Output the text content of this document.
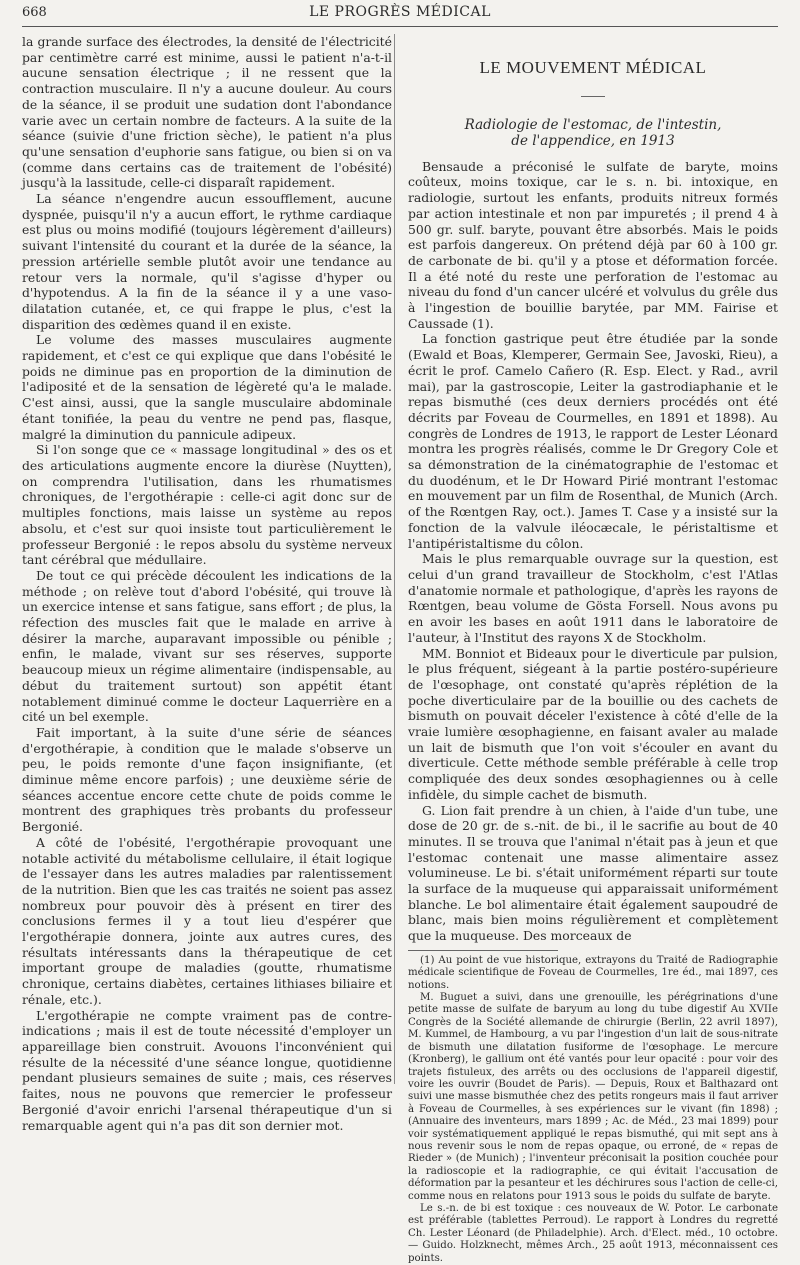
668	LE PROGRÈS MÉDICAL

la grande surface des électrodes, la densité de l'électricité par centimètre carré est minime, aussi le patient n'a-t-il aucune sensation électrique ; il ne ressent que la contraction musculaire. Il n'y a aucune douleur. Au cours de la séance, il se produit une sudation dont l'abondance varie avec un certain nombre de facteurs. A la suite de la séance (suivie d'une friction sèche), le patient n'a plus qu'une sensation d'euphorie sans fatigue, ou bien si on va (comme dans certains cas de traitement de l'obésité) jusqu'à la lassitude, celle-ci disparaît rapidement.

La séance n'engendre aucun essoufflement, aucune dyspnée, puisqu'il n'y a aucun effort, le rythme cardiaque est plus ou moins modifié (toujours légèrement d'ailleurs) suivant l'intensité du courant et la durée de la séance, la pression artérielle semble plutôt avoir une tendance au retour vers la normale, qu'il s'agisse d'hyper ou d'hypotendus. A la fin de la séance il y a une vaso-dilatation cutanée, et, ce qui frappe le plus, c'est la disparition des œdèmes quand il en existe.

Le volume des masses musculaires augmente rapidement, et c'est ce qui explique que dans l'obésité le poids ne diminue pas en proportion de la diminution de l'adiposité et de la sensation de légèreté qu'a le malade. C'est ainsi, aussi, que la sangle musculaire abdominale étant tonifiée, la peau du ventre ne pend pas, flasque, malgré la diminution du pannicule adipeux.

Si l'on songe que ce « massage longitudinal » des os et des articulations augmente encore la diurèse (Nuytten), on comprendra l'utilisation, dans les rhumatismes chroniques, de l'ergothérapie : celle-ci agit donc sur de multiples fonctions, mais laisse un système au repos absolu, et c'est sur quoi insiste tout particulièrement le professeur Bergonié : le repos absolu du système nerveux tant cérébral que médullaire.

De tout ce qui précède découlent les indications de la méthode ; on relève tout d'abord l'obésité, qui trouve là un exercice intense et sans fatigue, sans effort ; de plus, la réfection des muscles fait que le malade en arrive à désirer la marche, auparavant impossible ou pénible ; enfin, le malade, vivant sur ses réserves, supporte beaucoup mieux un régime alimentaire (indispensable, au début du traitement surtout) son appétit étant notablement diminué comme le docteur Laquerrière en a cité un bel exemple.

Fait important, à la suite d'une série de séances d'ergothérapie, à condition que le malade s'observe un peu, le poids remonte d'une façon insignifiante, (et diminue même encore parfois) ; une deuxième série de séances accentue encore cette chute de poids comme le montrent des graphiques très probants du professeur Bergonié.

A côté de l'obésité, l'ergothérapie provoquant une notable activité du métabolisme cellulaire, il était logique de l'essayer dans les autres maladies par ralentissement de la nutrition. Bien que les cas traités ne soient pas assez nombreux pour pouvoir dès à présent en tirer des conclusions fermes il y a tout lieu d'espérer que l'ergothérapie donnera, jointe aux autres cures, des résultats intéressants dans la thérapeutique de cet important groupe de maladies (goutte, rhumatisme chronique, certains diabètes, certaines lithiases biliaire et rénale, etc.).

L'ergothérapie ne compte vraiment pas de contre-indications ; mais il est de toute nécessité d'employer un appareillage bien construit. Avouons l'inconvénient qui résulte de la nécessité d'une séance longue, quotidienne pendant plusieurs semaines de suite ; mais, ces réserves faites, nous ne pouvons que remercier le professeur Bergonié d'avoir enrichi l'arsenal thérapeutique d'un si remarquable agent qui n'a pas dit son dernier mot.

LE MOUVEMENT MÉDICAL
Radiologie de l'estomac, de l'intestin,
de l'appendice, en 1913

Bensaude a préconisé le sulfate de baryte, moins coûteux, moins toxique, car le s. n. bi. intoxique, en radiologie, surtout les enfants, produits nitreux formés par action intestinale et non par impuretés ; il prend 4 à 500 gr. sulf. baryte, pouvant être absorbés. Mais le poids est parfois dangereux. On prétend déjà par 60 à 100 gr. de carbonate de bi. qu'il y a ptose et déformation forcée. Il a été noté du reste une perforation de l'estomac au niveau du fond d'un cancer ulcéré et volvulus du grêle dus à l'ingestion de bouillie barytée, par MM. Fairise et Caussade (1).

La fonction gastrique peut être étudiée par la sonde (Ewald et Boas, Klemperer, Germain See, Javoski, Rieu), a écrit le prof. Camelo Cañero (R. Esp. Elect. y Rad., avril mai), par la gastroscopie, Leiter la gastrodiaphanie et le repas bismuthé (ces deux derniers procédés ont été décrits par Foveau de Courmelles, en 1891 et 1898). Au congrès de Londres de 1913, le rapport de Lester Léonard montra les progrès réalisés, comme le Dr Gregory Cole et sa démonstration de la cinématographie de l'estomac et du duodénum, et le Dr Howard Pirié montrant l'estomac en mouvement par un film de Rosenthal, de Munich (Arch. of the Rœntgen Ray, oct.). James T. Case y a insisté sur la fonction de la valvule iléocæcale, le péristaltisme et l'antipéristaltisme du côlon.

Mais le plus remarquable ouvrage sur la question, est celui d'un grand travailleur de Stockholm, c'est l'Atlas d'anatomie normale et pathologique, d'après les rayons de Rœntgen, beau volume de Gösta Forsell. Nous avons pu en avoir les bases en août 1911 dans le laboratoire de l'auteur, à l'Institut des rayons X de Stockholm.

MM. Bonniot et Bideaux pour le diverticule par pulsion, le plus fréquent, siégeant à la partie postéro-supérieure de l'œsophage, ont constaté qu'après réplétion de la poche diverticulaire par de la bouillie ou des cachets de bismuth on pouvait déceler l'existence à côté d'elle de la vraie lumière œsophagienne, en faisant avaler au malade un lait de bismuth que l'on voit s'écouler en avant du diverticule. Cette méthode semble préférable à celle trop compliquée des deux sondes œsophagiennes ou à celle infidèle, du simple cachet de bismuth.

G. Lion fait prendre à un chien, à l'aide d'un tube, une dose de 20 gr. de s.-nit. de bi., il le sacrifie au bout de 40 minutes. Il se trouva que l'animal n'était pas à jeun et que l'estomac contenait une masse alimentaire assez volumineuse. Le bi. s'était uniformément réparti sur toute la surface de la muqueuse qui apparaissait uniformément blanche. Le bol alimentaire était également saupoudré de blanc, mais bien moins régulièrement et complètement que la muqueuse. Des morceaux de

(1) Au point de vue historique, extrayons du Traité de Radiographie médicale scientifique de Foveau de Courmelles, 1re éd., mai 1897, ces notions.

M. Buguet a suivi, dans une grenouille, les pérégrinations d'une petite masse de sulfate de baryum au long du tube digestif Au XVIIe Congrès de la Société allemande de chirurgie (Berlin, 22 avril 1897), M. Kummel, de Hambourg, a vu par l'ingestion d'un lait de sous-nitrate de bismuth une dilatation fusiforme de l'œsophage. Le mercure (Kronberg), le gallium ont été vantés pour leur opacité : pour voir des trajets fistuleux, des arrêts ou des occlusions de l'appareil digestif, voire les ouvrir (Boudet de Paris). — Depuis, Roux et Balthazard ont suivi une masse bismuthée chez des petits rongeurs mais il faut arriver à Foveau de Courmelles, à ses expériences sur le vivant (fin 1898) ; (Annuaire des inventeurs, mars 1899 ; Ac. de Méd., 23 mai 1899) pour voir systématiquement appliqué le repas bismuthé, qui mit sept ans à nous revenir sous le nom de repas opaque, ou erroné, de « repas de Rieder » (de Munich) ; l'inventeur préconisait la position couchée pour la radioscopie et la radiographie, ce qui évitait l'accusation de déformation par la pesanteur et les déchirures sous l'action de celle-ci, comme nous en relatons pour 1913 sous le poids du sulfate de baryte.

Le s.-n. de bi est toxique : ces nouveaux de W. Potor. Le carbonate est préférable (tablettes Perroud). Le rapport à Londres du regretté Ch. Lester Léonard (de Philadelphie). Arch. d'Elect. méd., 10 octobre. — Guido. Holzknecht, mêmes Arch., 25 août 1913, méconnaissent ces points.
